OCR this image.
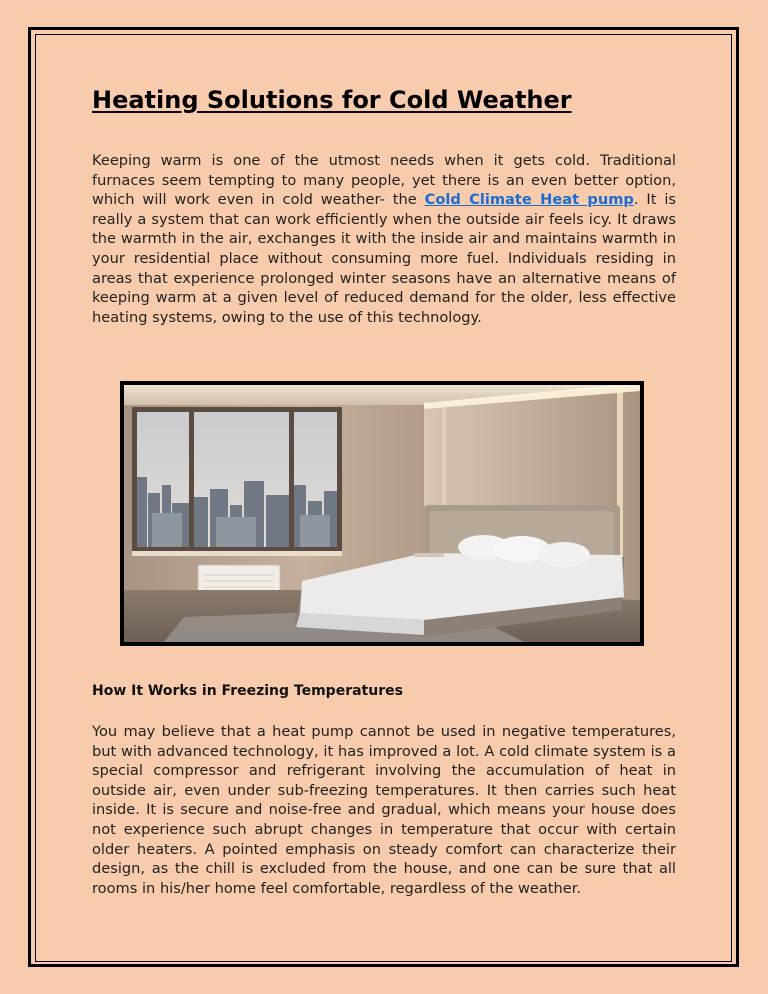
Heating Solutions for Cold Weather

Keeping warm is one of the utmost needs when it gets cold. Traditional furnaces seem tempting to many people, yet there is an even better option, which will work even in cold weather- the Cold Climate Heat pump. It is really a system that can work efficiently when the outside air feels icy. It draws the warmth in the air, exchanges it with the inside air and maintains warmth in your residential place without consuming more fuel. Individuals residing in areas that experience prolonged winter seasons have an alternative means of keeping warm at a given level of reduced demand for the older, less effective heating systems, owing to the use of this technology.

How It Works in Freezing Temperatures

You may believe that a heat pump cannot be used in negative temperatures, but with advanced technology, it has improved a lot. A cold climate system is a special compressor and refrigerant involving the accumulation of heat in outside air, even under sub-freezing temperatures. It then carries such heat inside. It is secure and noise-free and gradual, which means your house does not experience such abrupt changes in temperature that occur with certain older heaters. A pointed emphasis on steady comfort can characterize their design, as the chill is excluded from the house, and one can be sure that all rooms in his/her home feel comfortable, regardless of the weather.
